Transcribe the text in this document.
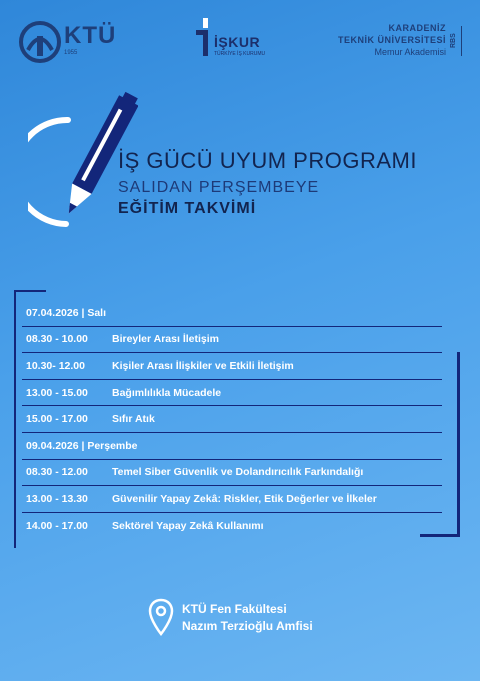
KTÜ
1955
İŞKUR
TÜRKİYE İŞ KURUMU
KARADENİZ
TEKNİK ÜNİVERSİTESİ
Memur Akademisi
RBS
İŞ GÜCÜ UYUM PROGRAMI
SALIDAN PERŞEMBEYE
EĞİTİM TAKVİMİ
07.04.2026 | Salı
08.30 - 10.00	Bireyler Arası İletişim
10.30- 12.00	Kişiler Arası İlişkiler ve Etkili İletişim
13.00 - 15.00	Bağımlılıkla Mücadele
15.00 - 17.00	Sıfır Atık
09.04.2026 | Perşembe
08.30 - 12.00	Temel Siber Güvenlik ve Dolandırıcılık Farkındalığı
13.00 - 13.30	Güvenilir Yapay Zekâ: Riskler, Etik Değerler ve İlkeler
14.00 - 17.00	Sektörel Yapay Zekâ Kullanımı
KTÜ Fen Fakültesi
Nazım Terzioğlu Amfisi
